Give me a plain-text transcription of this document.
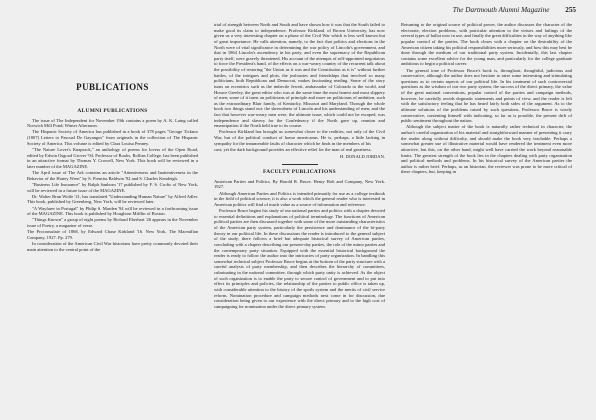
The Dartmouth Alumni Magazine 255
PUBLICATIONS
ALUMNI PUBLICATIONS

The issue of The Independent for November 19th contains a poem by A. K. Laing called Norwich Mill Pond; Winter Afternoon.

The Hispanic Society of America has published in a book of 378 pages "George Ticknor (1807) Letters to Pascual De Gayangos" from originals in the collection of The Hispanic Society of America. This volume is edited by Clara Louisa Penney.

"The Nature Lover's Knapsack," an anthology of poems for lovers of the Open Road, edited by Edwin Osgood Grover '94, Professor of Books, Rollins College, has been published in an attractive format by Thomas Y. Crowell, New York. This book will be reviewed in a later number of the MAGAZINE.

The April issue of The Ark contains an article "Attentiveness and Inattentiveness in the Behavior of the Honey Wren" by S. Prentiss Baldwin '92 and S. Charles Kendeigh.

"Business Life Insurance" by Ralph Sanborn '17 published by F. S. Crofts of New York, will be reviewed in a future issue of the MAGAZINE.

Dr. Walter Brun Wolfe '21, has translated "Understanding Human Nature" by Alfred Adler. This book, published by Greenberg, New York, will be reviewed later.

"A Wayfarer in Portugal" by Philip S. Marden '94 will be reviewed in a forthcoming issue of the MAGAZINE. This book is published by Houghton Mifflin of Boston.

"Things Known" a group of eight poems by Richard Eberhart '26 appears in the November issue of Poetry, a magazine of verse.

The Proconsulate of 1868, by Edward Chase Kirkland '16. New York, The Macmillan Company, 1927. Pp. 279.

In consideration of the American Civil War historians have pretty commonly devoted their main attention to the central point of the

trial of strength between North and South and have shown how it was that the South failed to make good its claim to independence. Professor Kirkland, of Brown University, has now given us a very interesting chapter on a phase of the Civil War which is less well known but of great importance. He calls attention, namely, to the fact that politics and elections in the North were of vital significance in determining the war policy of Lincoln's government, and that in 1864 Lincoln's ascendency in his party, and even the supremacy of the Republican party itself, were gravely threatened. His account of the attempts of self-appointed negotiators to force the President's hand, of the effects on a war-weary country of the recurrent talk about the possibility of restoring "the Union as it was and the Constitution as it is" without further battles, of the intrigues and plots, the jealousies and friendships that involved so many politicians, both Republican and Democrat, makes fascinating reading. Some of the story turns on eccentrics such as the imbecile Jewett, ambassador of Colorado to the world, and Horace Greeley, the great editor who was at the same time the most honest and most slippery of men; some of it turns on politicians of principle and more on politicians of ambition, such as the extraordinary Blair family, of Kentucky, Missouri and Maryland. Through the whole book two things stand out: the shrewdness of Lincoln and his understanding of men; and the fact that however war-weary men were, the ultimate issue, which could not be escaped, was independence and slavery for the Confederacy if the North gave up, reunion and emancipation if the North held true to its course.

Professor Kirkland has brought us somewhat closer to the realities, not only of the Civil War, but of the political conduct of homo americanus. He is, perhaps, a little lacking in sympathy for the innumerable faults of character which he finds in the members of his

cast; yet the dark background provides an effective relief for the man of real greatness.

H. DONALD JORDAN.
FACULTY PUBLICATIONS

American Parties and Politics. By Harold R. Bruce. Henry Holt and Company, New York. 1927.

Although American Parties and Politics is intended primarily for use as a college textbook in the field of political science, it is also a work which the general reader who is interested in American politics will find of much value as a source of information and reference.

Professor Bruce begins his study of our national parties and politics with a chapter devoted to essential definitions and explanations of political terminology. The functions of American political parties are then discussed together with some of the more outstanding characteristics of the American party system, particularly the persistence and dominance of the bi-party theory in our political life. In these discussions the reader is introduced to the general subject of the study; there follows a brief but adequate historical survey of American parties, concluding with a chapter describing our present-day parties, the role of the minor parties and the contemporary party situation. Equipped with the essential historical background the reader is ready to follow the author into the intricacies of party organization. In handling this somewhat technical subject Professor Bruce begins at the bottom of the party structure with a careful analysis of party membership, and then describes the hierarchy of committees, culminating in the national committee, through which party unity is achieved. As the object of such organization is to enable the party to secure control of government and to put into effect its principles and policies, the relationship of the parties to public office is taken up, with considerable attention to the history of the spoils system and the merits of civil service reform. Nomination procedure and campaign methods next come in for discussion, due consideration being given to our experience with the direct primary and to the high cost of campaigning for nomination under the direct primary system.

Returning to the original source of political power, the author discusses the character of the electorate, election problems, with particular attention to the virtues and failings of the several types of ballot now in use, and finally the great difficulties in the way of anything like popular control of the parties. The book closes with a chapter on the desirability of the American citizen taking his political responsibilities more seriously, and how this may best be done through the medium of our traditional party system. Incidentally, this last chapter contains some excellent advice for the young man, and particularly for the college graduate ambitious to begin a political career.

The general tone of Professor Bruce's book is, throughout, thoughtful, judicious and conservative, although the author does not hesitate to raise some interesting and stimulating questions as to certain aspects of our political life. In his treatment of such controversial questions as the wisdom of our two party system, the success of the direct primary, the value of the great national conventions, popular control of the parties and campaign methods, however, he carefully avoids dogmatic statements and points of view, and the reader is left with the satisfactory feeling that he has heard fairly both sides of the argument. As to the ultimate solutions of the problems raised by such questions, Professor Bruce is wisely conservative, contenting himself with indicating, so far as is possible, the present drift of public sentiment throughout the nation.

Although the subject matter of the book is naturally rather technical in character, the author's careful organization of his material and straightforward manner of presenting it carry the reader along without difficulty, and should make the book very teachable. Perhaps a somewhat greater use of illustrative material would have rendered the treatment even more attractive, but this, on the other hand, might well have carried the work beyond reasonable limits. The greatest strength of the book lies in the chapters dealing with party organization and political methods and problems. In his historical survey of the American parties the author is rather brief. Perhaps, as an historian, the reviewer was prone to be more critical of these chapters, but, keeping in
